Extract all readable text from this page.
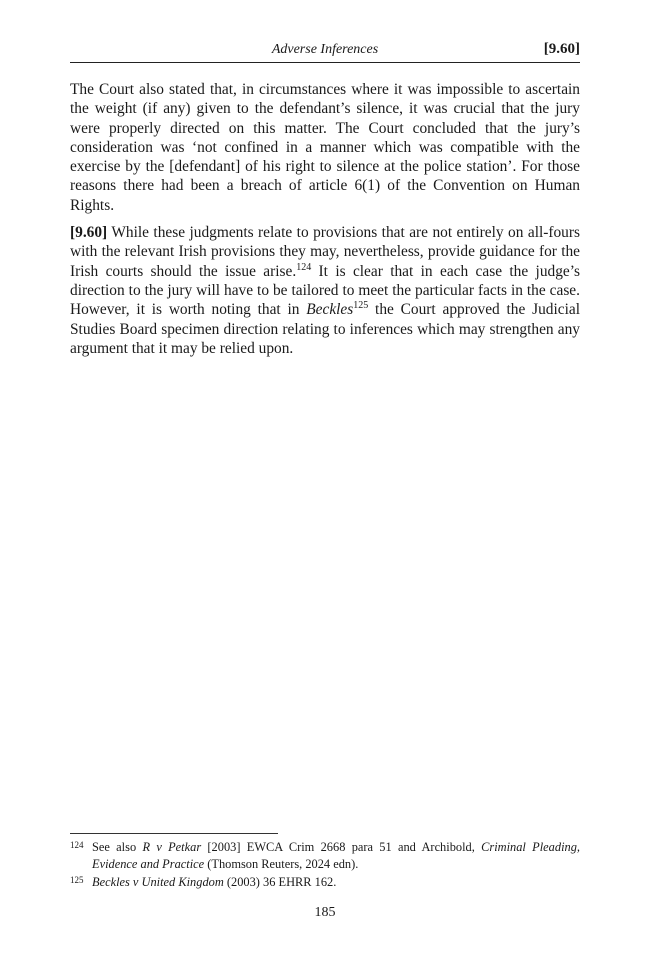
Adverse Inferences	[9.60]

The Court also stated that, in circumstances where it was impossible to ascertain the weight (if any) given to the defendant’s silence, it was crucial that the jury were properly directed on this matter. The Court concluded that the jury’s consideration was ‘not confined in a manner which was compatible with the exercise by the [defendant] of his right to silence at the police station’. For those reasons there had been a breach of article 6(1) of the Convention on Human Rights.

[9.60] While these judgments relate to provisions that are not entirely on all-fours with the relevant Irish provisions they may, nevertheless, provide guidance for the Irish courts should the issue arise.$^{124}$ It is clear that in each case the judge’s direction to the jury will have to be tailored to meet the particular facts in the case. However, it is worth noting that in Beckles$^{125}$ the Court approved the Judicial Studies Board specimen direction relating to inferences which may strengthen any argument that it may be relied upon.

124 See also R v Petkar [2003] EWCA Crim 2668 para 51 and Archibold, Criminal Pleading, Evidence and Practice (Thomson Reuters, 2024 edn).
125 Beckles v United Kingdom (2003) 36 EHRR 162.
185
